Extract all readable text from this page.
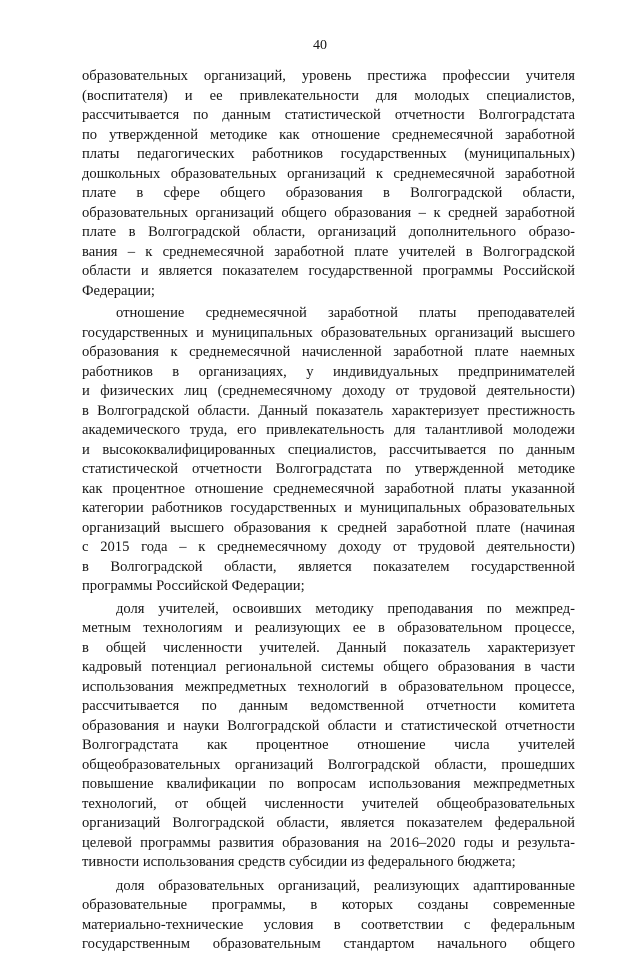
40
образовательных организаций, уровень престижа профессии учителя
(воспитателя) и ее привлекательности для молодых специалистов,
рассчитывается по данным статистической отчетности Волгоградстата
по утвержденной методике как отношение среднемесячной заработной
платы педагогических работников государственных (муниципальных)
дошкольных образовательных организаций к среднемесячной заработной
плате в сфере общего образования в Волгоградской области,
образовательных организаций общего образования – к средней заработной
плате в Волгоградской области, организаций дополнительного образо-
вания – к среднемесячной заработной плате учителей в Волгоградской
области и является показателем государственной программы Российской
Федерации;
отношение среднемесячной заработной платы преподавателей
государственных и муниципальных образовательных организаций высшего
образования к среднемесячной начисленной заработной плате наемных
работников в организациях, у индивидуальных предпринимателей
и физических лиц (среднемесячному доходу от трудовой деятельности)
в Волгоградской области. Данный показатель характеризует престижность
академического труда, его привлекательность для талантливой молодежи
и высококвалифицированных специалистов, рассчитывается по данным
статистической отчетности Волгоградстата по утвержденной методике
как процентное отношение среднемесячной заработной платы указанной
категории работников государственных и муниципальных образовательных
организаций высшего образования к средней заработной плате (начиная
с 2015 года – к среднемесячному доходу от трудовой деятельности)
в Волгоградской области, является показателем государственной
программы Российской Федерации;
доля учителей, освоивших методику преподавания по межпред-
метным технологиям и реализующих ее в образовательном процессе,
в общей численности учителей. Данный показатель характеризует
кадровый потенциал региональной системы общего образования в части
использования межпредметных технологий в образовательном процессе,
рассчитывается по данным ведомственной отчетности комитета
образования и науки Волгоградской области и статистической отчетности
Волгоградстата как процентное отношение числа учителей
общеобразовательных организаций Волгоградской области, прошедших
повышение квалификации по вопросам использования межпредметных
технологий, от общей численности учителей общеобразовательных
организаций Волгоградской области, является показателем федеральной
целевой программы развития образования на 2016–2020 годы и результа-
тивности использования средств субсидии из федерального бюджета;
доля образовательных организаций, реализующих адаптированные
образовательные программы, в которых созданы современные
материально-технические условия в соответствии с федеральным
государственным образовательным стандартом начального общего
